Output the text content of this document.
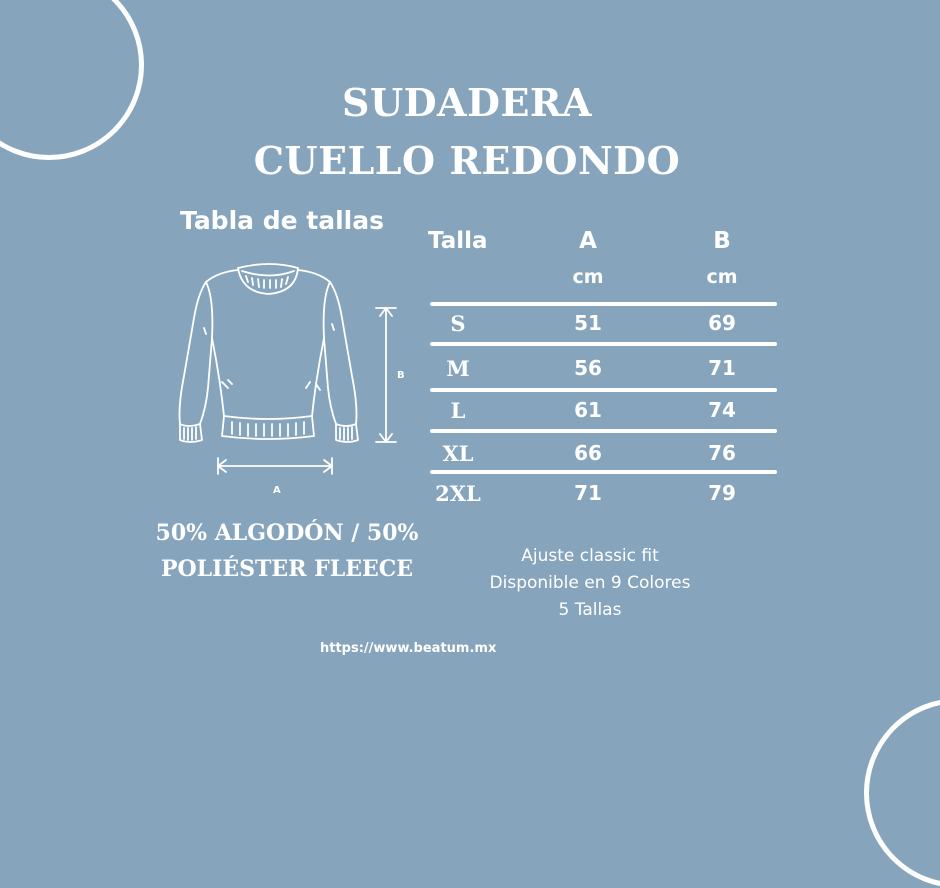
SUDADERA
CUELLO REDONDO
Tabla de tallas
A
B
50% ALGODÓN / 50%
POLIÉSTER FLEECE
Talla	A	B
cm	cm
S	51	69
M	56	71
L	61	74
XL	66	76
2XL	71	79
Ajuste classic fit
Disponible en 9 Colores
5 Tallas
https://www.beatum.mx
